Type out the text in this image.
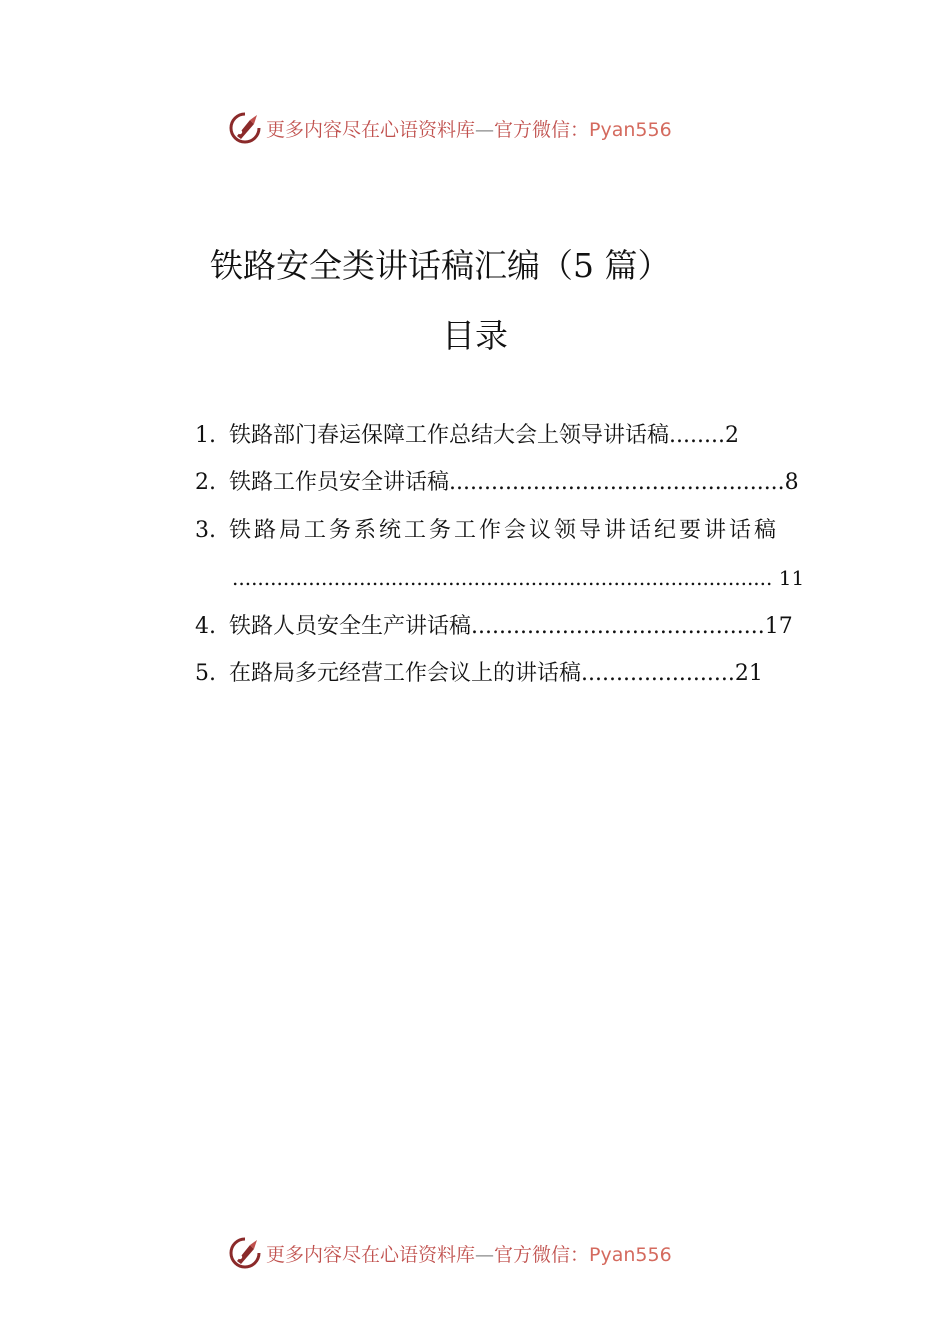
更多内容尽在心语资料库—官方微信：Pyan556
铁路安全类讲话稿汇编（5 篇）
目录
1. 铁路部门春运保障工作总结大会上领导讲话稿........2
2. 铁路工作员安全讲话稿................................................8
3. 铁路局工务系统工务工作会议领导讲话纪要讲话稿
..................................................................................... 11
4. 铁路人员安全生产讲话稿..........................................17
5. 在路局多元经营工作会议上的讲话稿......................21
更多内容尽在心语资料库—官方微信：Pyan556
